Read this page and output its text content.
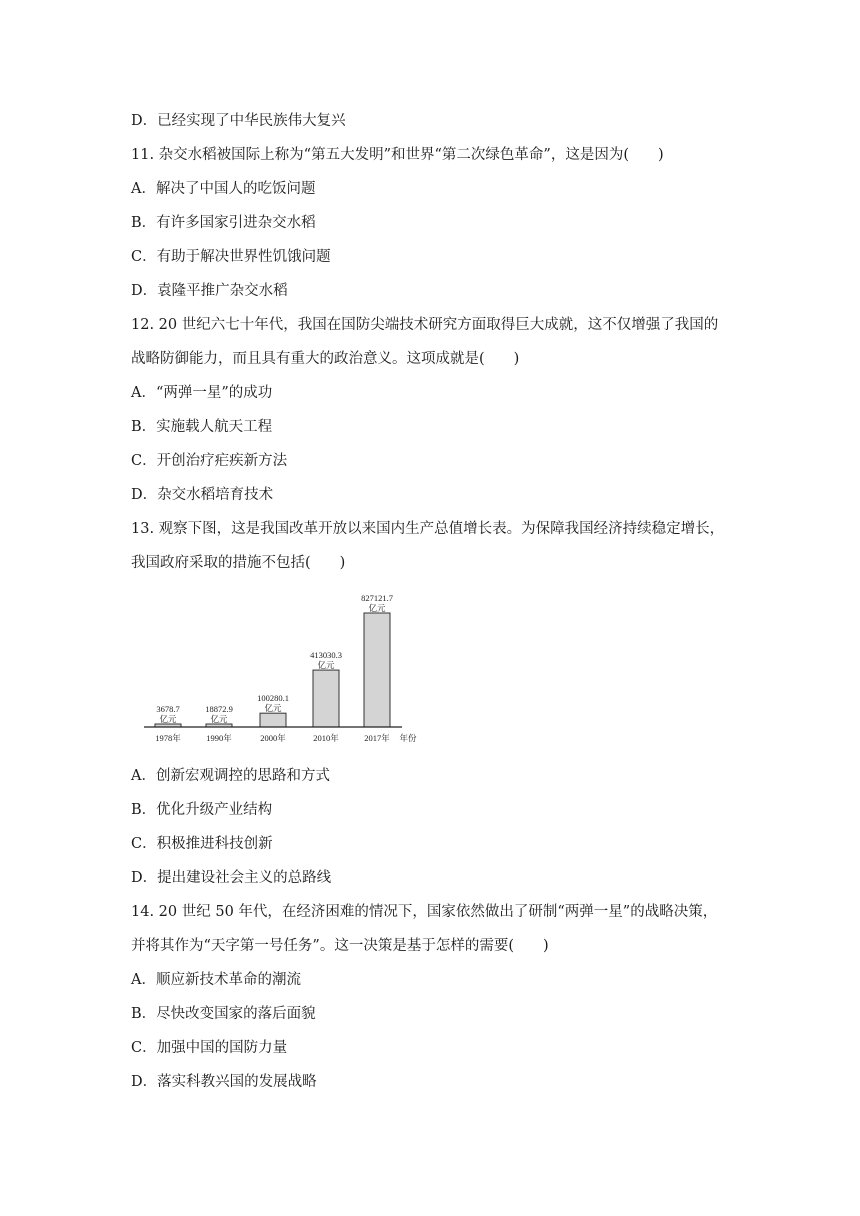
D．已经实现了中华民族伟大复兴
11. 杂交水稻被国际上称为“第五大发明”和世界“第二次绿色革命”，这是因为(　　)
A．解决了中国人的吃饭问题
B．有许多国家引进杂交水稻
C．有助于解决世界性饥饿问题
D．袁隆平推广杂交水稻
12. 20 世纪六七十年代，我国在国防尖端技术研究方面取得巨大成就，这不仅增强了我国的
战略防御能力，而且具有重大的政治意义。这项成就是(　　)
A．“两弹一星”的成功
B．实施载人航天工程
C．开创治疗疟疾新方法
D．杂交水稻培育技术
13. 观察下图，这是我国改革开放以来国内生产总值增长表。为保障我国经济持续稳定增长，
我国政府采取的措施不包括(　　)
3678.7
亿元
1978年
18872.9
亿元
1990年
100280.1
亿元
2000年
413030.3
亿元
2010年
827121.7
亿元
2017年 年份
A．创新宏观调控的思路和方式
B．优化升级产业结构
C．积极推进科技创新
D．提出建设社会主义的总路线
14. 20 世纪 50 年代，在经济困难的情况下，国家依然做出了研制“两弹一星”的战略决策，
并将其作为“天字第一号任务”。这一决策是基于怎样的需要(　　)
A．顺应新技术革命的潮流
B．尽快改变国家的落后面貌
C．加强中国的国防力量
D．落实科教兴国的发展战略
